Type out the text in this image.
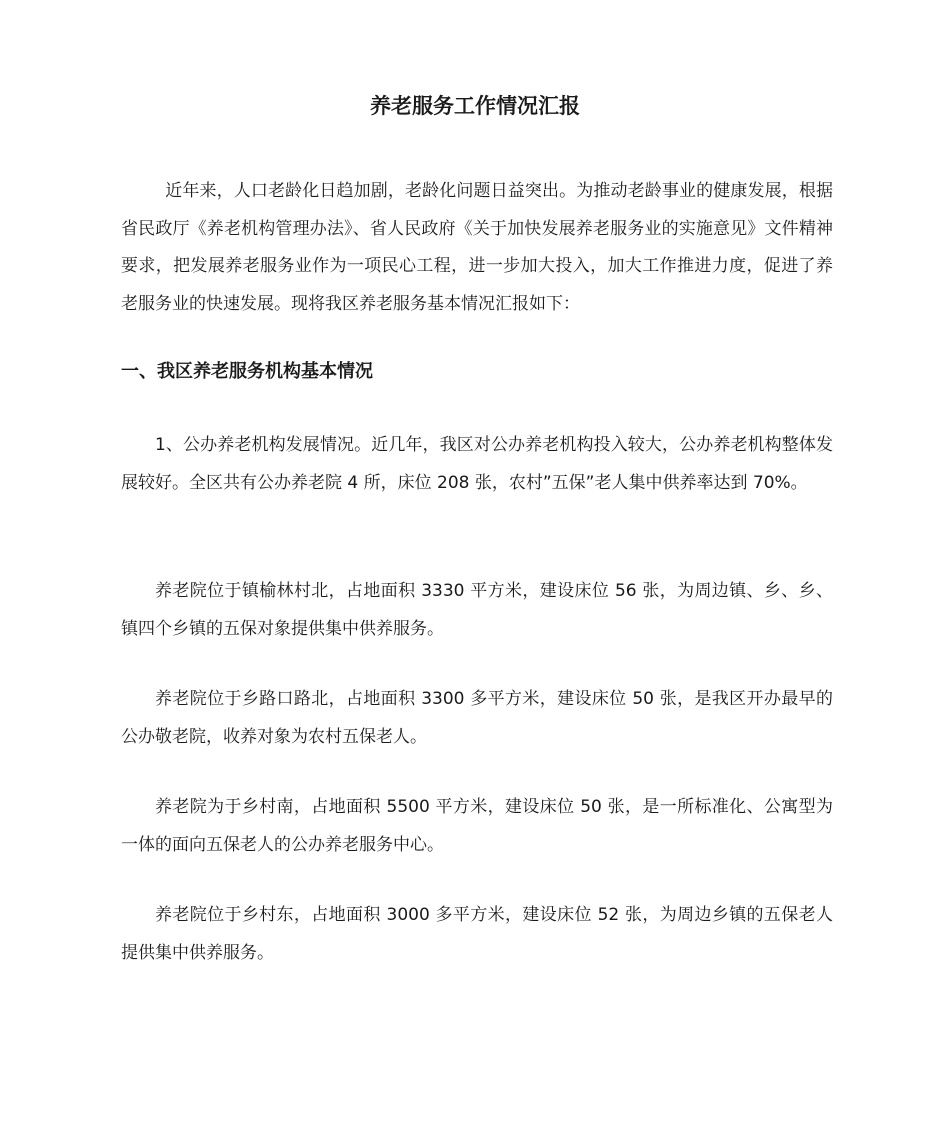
养老服务工作情况汇报

近年来，人口老龄化日趋加剧，老龄化问题日益突出。为推动老龄事业的健康发展，根据省民政厅《养老机构管理办法》、省人民政府《关于加快发展养老服务业的实施意见》文件精神要求，把发展养老服务业作为一项民心工程，进一步加大投入，加大工作推进力度，促进了养老服务业的快速发展。现将我区养老服务基本情况汇报如下：

一、我区养老服务机构基本情况

1、公办养老机构发展情况。近几年，我区对公办养老机构投入较大，公办养老机构整体发展较好。全区共有公办养老院 4 所，床位 208 张，农村”五保”老人集中供养率达到 70%。

养老院位于镇榆林村北，占地面积 3330 平方米，建设床位 56 张，为周边镇、乡、乡、镇四个乡镇的五保对象提供集中供养服务。

养老院位于乡路口路北，占地面积 3300 多平方米，建设床位 50 张，是我区开办最早的公办敬老院，收养对象为农村五保老人。

养老院为于乡村南，占地面积 5500 平方米，建设床位 50 张，是一所标准化、公寓型为一体的面向五保老人的公办养老服务中心。

养老院位于乡村东，占地面积 3000 多平方米，建设床位 52 张，为周边乡镇的五保老人提供集中供养服务。
